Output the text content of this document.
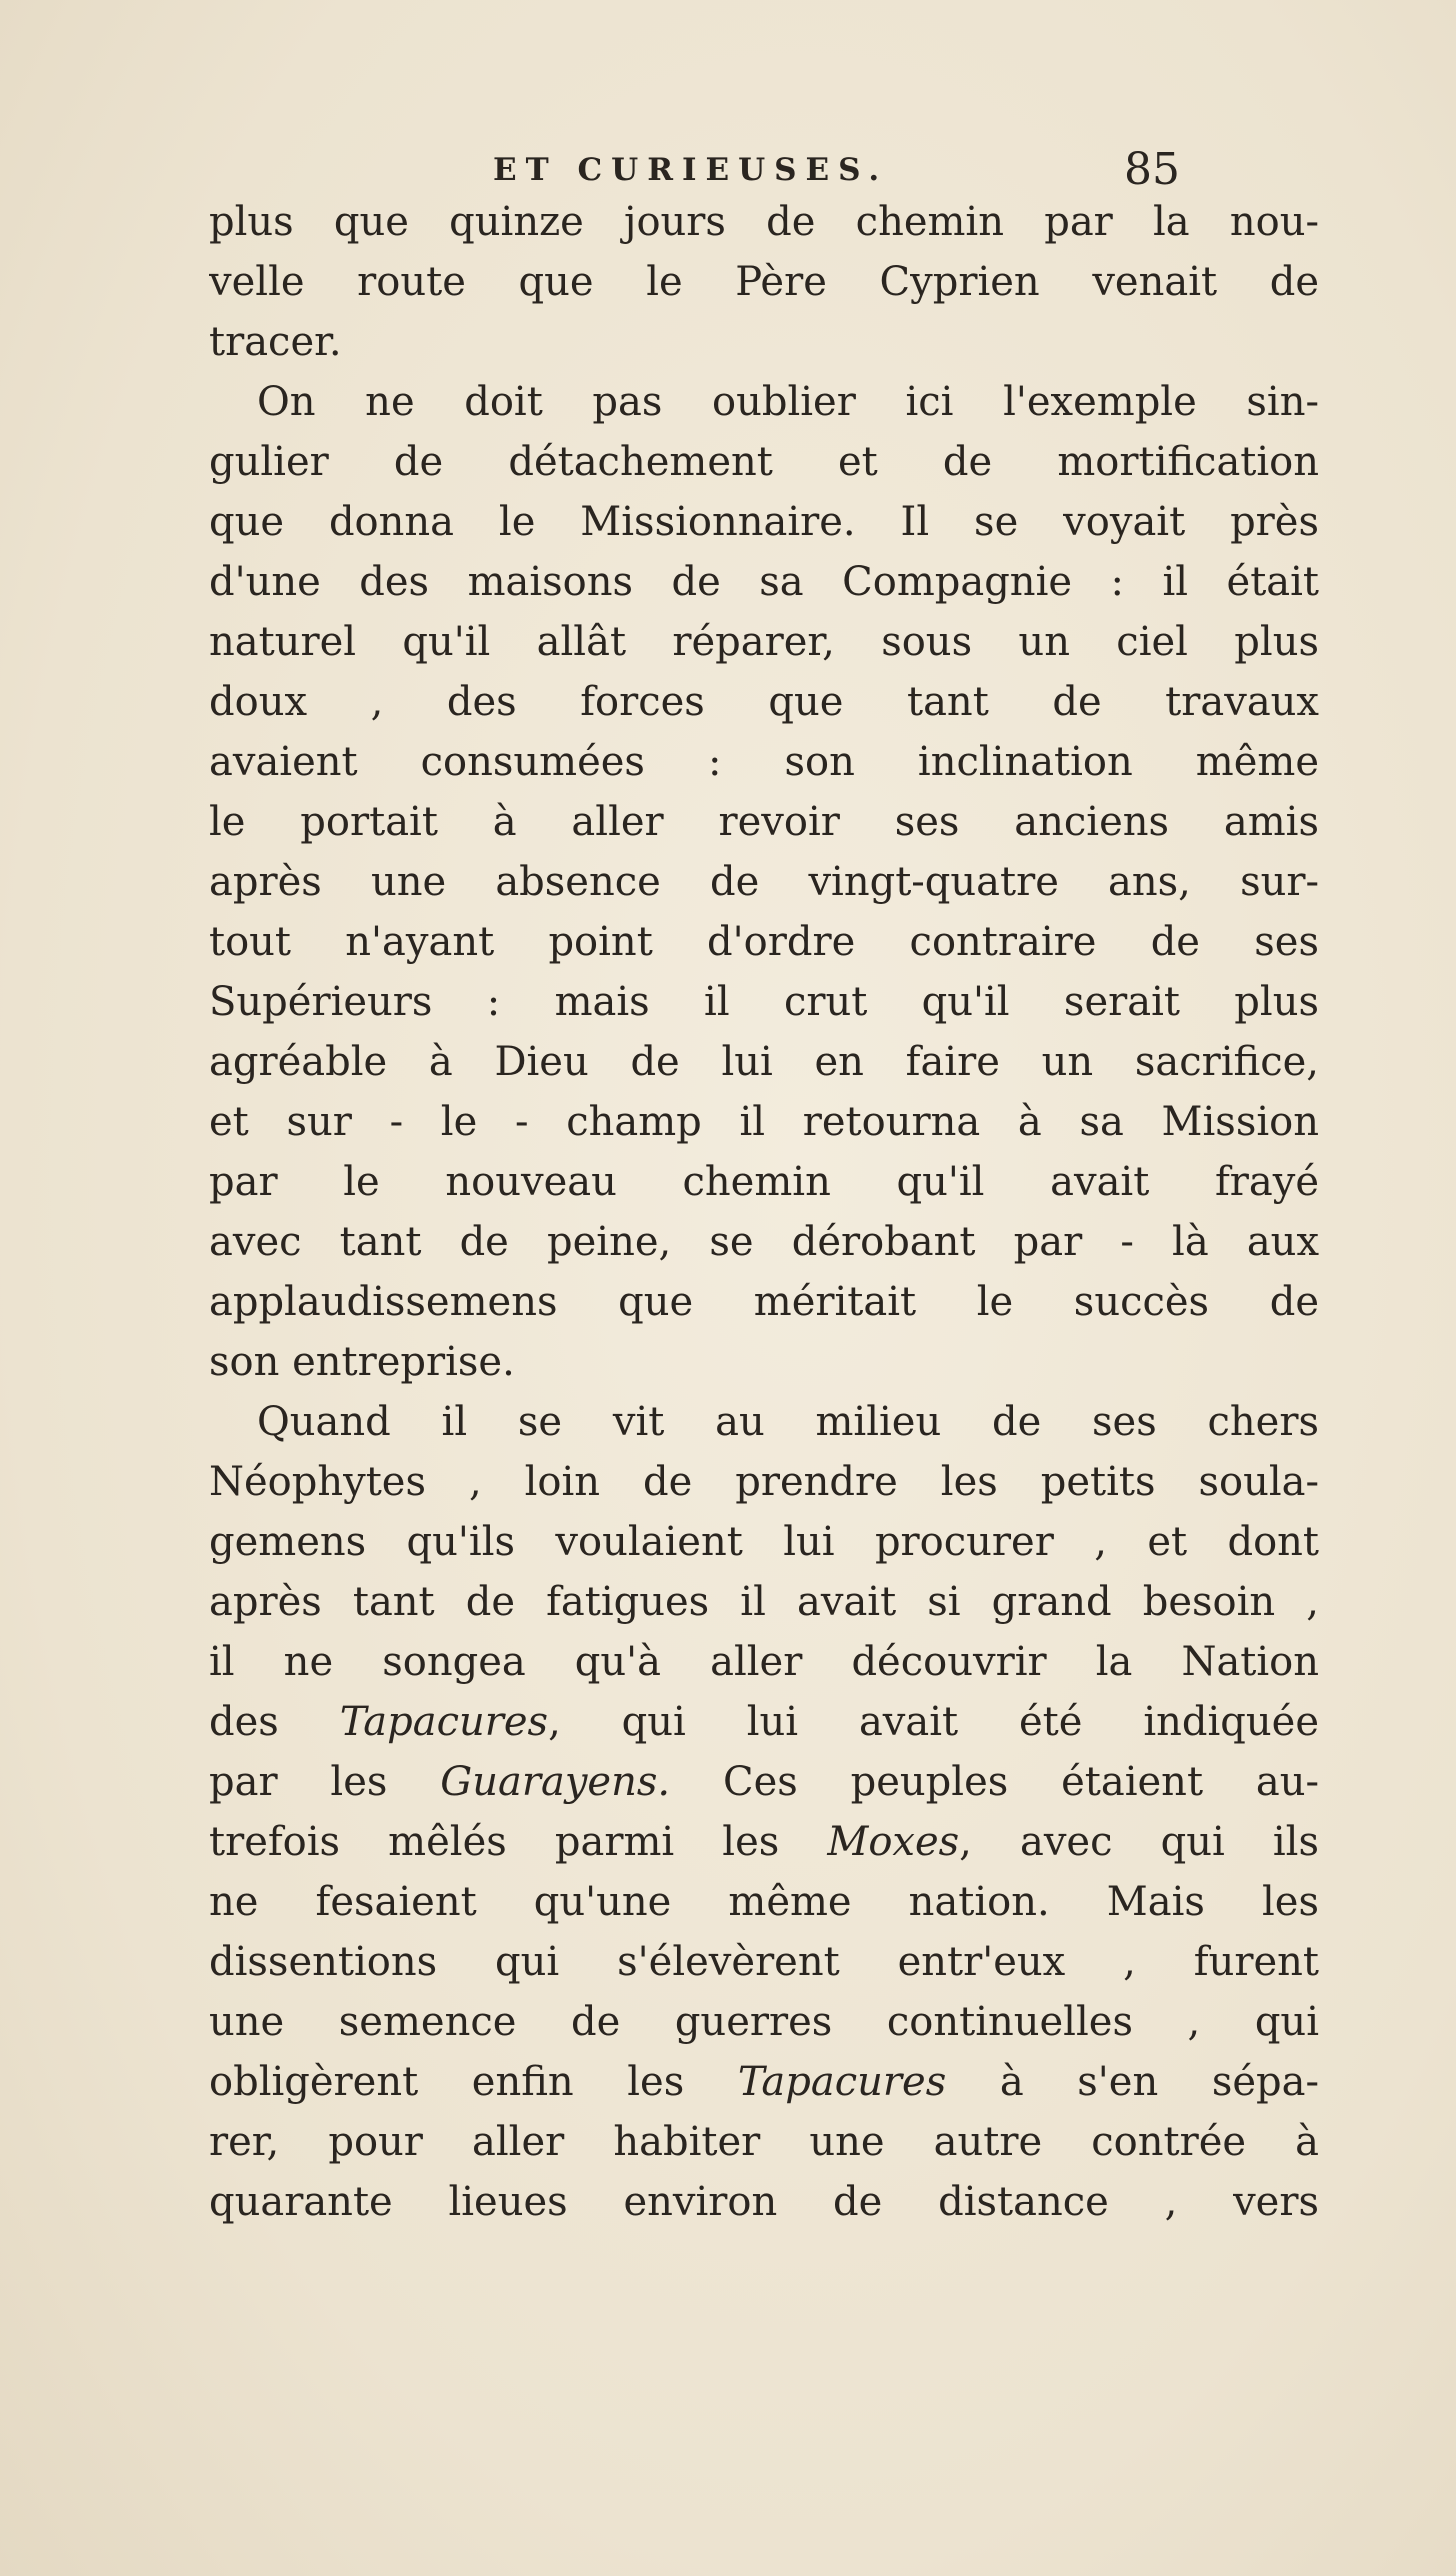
ET CURIEUSES.	85
plus que quinze jours de chemin par la nou-
velle route que le Père Cyprien venait de
tracer.
On ne doit pas oublier ici l'exemple sin-
gulier de détachement et de mortification
que donna le Missionnaire. Il se voyait près
d'une des maisons de sa Compagnie : il était
naturel qu'il allât réparer, sous un ciel plus
doux , des forces que tant de travaux
avaient consumées : son inclination même
le portait à aller revoir ses anciens amis
après une absence de vingt-quatre ans, sur-
tout n'ayant point d'ordre contraire de ses
Supérieurs : mais il crut qu'il serait plus
agréable à Dieu de lui en faire un sacrifice,
et sur - le - champ il retourna à sa Mission
par le nouveau chemin qu'il avait frayé
avec tant de peine, se dérobant par - là aux
applaudissemens que méritait le succès de
son entreprise.
Quand il se vit au milieu de ses chers
Néophytes , loin de prendre les petits soula-
gemens qu'ils voulaient lui procurer , et dont
après tant de fatigues il avait si grand besoin ,
il ne songea qu'à aller découvrir la Nation
des Tapacures, qui lui avait été indiquée
par les Guarayens. Ces peuples étaient au-
trefois mêlés parmi les Moxes, avec qui ils
ne fesaient qu'une même nation. Mais les
dissentions qui s'élevèrent entr'eux , furent
une semence de guerres continuelles , qui
obligèrent enfin les Tapacures à s'en sépa-
rer, pour aller habiter une autre contrée à
quarante lieues environ de distance , vers
